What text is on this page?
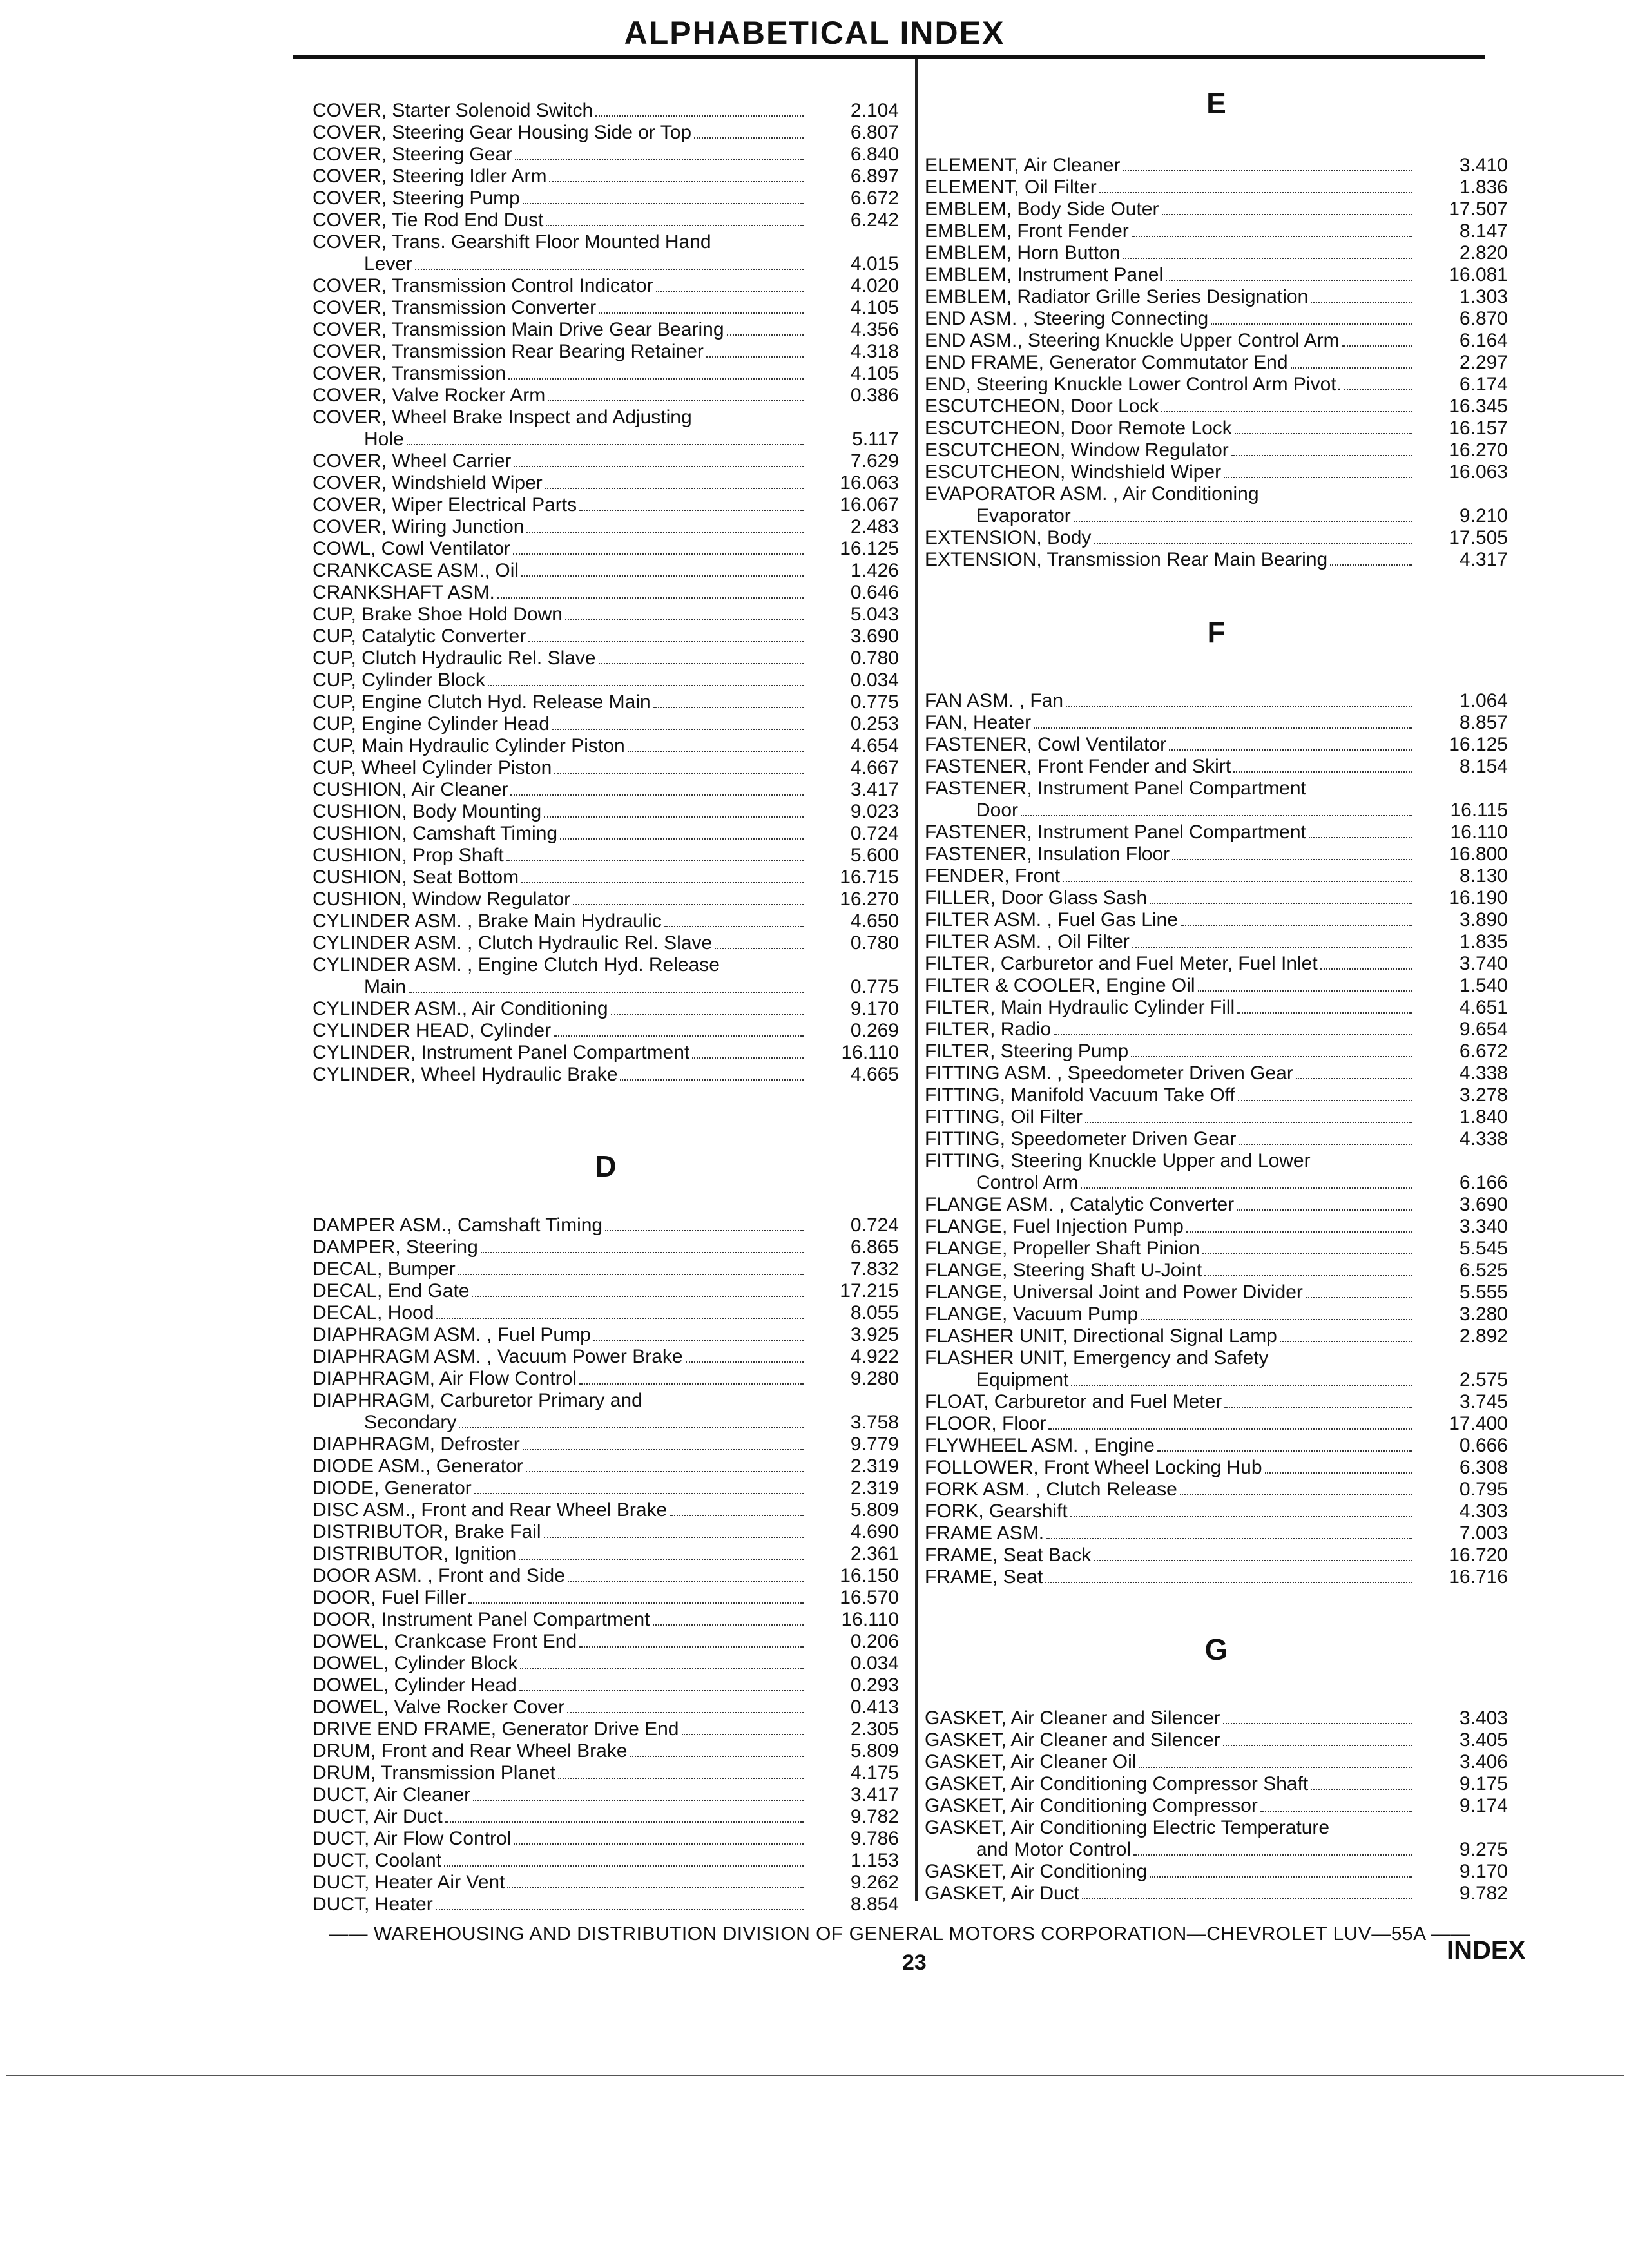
ALPHABETICAL INDEX
COVER, Starter Solenoid Switch	2.104
COVER, Steering Gear Housing Side or Top	6.807
COVER, Steering Gear	6.840
COVER, Steering Idler Arm	6.897
COVER, Steering Pump	6.672
COVER, Tie Rod End Dust	6.242
COVER, Trans. Gearshift Floor Mounted Hand
Lever	4.015
COVER, Transmission Control Indicator	4.020
COVER, Transmission Converter	4.105
COVER, Transmission Main Drive Gear Bearing	4.356
COVER, Transmission Rear Bearing Retainer	4.318
COVER, Transmission	4.105
COVER, Valve Rocker Arm	0.386
COVER, Wheel Brake Inspect and Adjusting
Hole	5.117
COVER, Wheel Carrier	7.629
COVER, Windshield Wiper	16.063
COVER, Wiper Electrical Parts	16.067
COVER, Wiring Junction	2.483
COWL, Cowl Ventilator	16.125
CRANKCASE ASM., Oil	1.426
CRANKSHAFT ASM.	0.646
CUP, Brake Shoe Hold Down	5.043
CUP, Catalytic Converter	3.690
CUP, Clutch Hydraulic Rel. Slave	0.780
CUP, Cylinder Block	0.034
CUP, Engine Clutch Hyd. Release Main	0.775
CUP, Engine Cylinder Head	0.253
CUP, Main Hydraulic Cylinder Piston	4.654
CUP, Wheel Cylinder Piston	4.667
CUSHION, Air Cleaner	3.417
CUSHION, Body Mounting	9.023
CUSHION, Camshaft Timing	0.724
CUSHION, Prop Shaft	5.600
CUSHION, Seat Bottom	16.715
CUSHION, Window Regulator	16.270
CYLINDER ASM. , Brake Main Hydraulic	4.650
CYLINDER ASM. , Clutch Hydraulic Rel. Slave	0.780
CYLINDER ASM. , Engine Clutch Hyd. Release
Main	0.775
CYLINDER ASM., Air Conditioning	9.170
CYLINDER HEAD, Cylinder	0.269
CYLINDER, Instrument Panel Compartment	16.110
CYLINDER, Wheel Hydraulic Brake	4.665
D
DAMPER ASM., Camshaft Timing	0.724
DAMPER, Steering	6.865
DECAL, Bumper	7.832
DECAL, End Gate	17.215
DECAL, Hood	8.055
DIAPHRAGM ASM. , Fuel Pump	3.925
DIAPHRAGM ASM. , Vacuum Power Brake	4.922
DIAPHRAGM, Air Flow Control	9.280
DIAPHRAGM, Carburetor Primary and
Secondary	3.758
DIAPHRAGM, Defroster	9.779
DIODE ASM., Generator	2.319
DIODE, Generator	2.319
DISC ASM., Front and Rear Wheel Brake	5.809
DISTRIBUTOR, Brake Fail	4.690
DISTRIBUTOR, Ignition	2.361
DOOR ASM. , Front and Side	16.150
DOOR, Fuel Filler	16.570
DOOR, Instrument Panel Compartment	16.110
DOWEL, Crankcase Front End	0.206
DOWEL, Cylinder Block	0.034
DOWEL, Cylinder Head	0.293
DOWEL, Valve Rocker Cover	0.413
DRIVE END FRAME, Generator Drive End	2.305
DRUM, Front and Rear Wheel Brake	5.809
DRUM, Transmission Planet	4.175
DUCT, Air Cleaner	3.417
DUCT, Air Duct	9.782
DUCT, Air Flow Control	9.786
DUCT, Coolant	1.153
DUCT, Heater Air Vent	9.262
DUCT, Heater	8.854
E
ELEMENT, Air Cleaner	3.410
ELEMENT, Oil Filter	1.836
EMBLEM, Body Side Outer	17.507
EMBLEM, Front Fender	8.147
EMBLEM, Horn Button	2.820
EMBLEM, Instrument Panel	16.081
EMBLEM, Radiator Grille Series Designation	1.303
END ASM. , Steering Connecting	6.870
END ASM., Steering Knuckle Upper Control Arm	6.164
END FRAME, Generator Commutator End	2.297
END, Steering Knuckle Lower Control Arm Pivot.	6.174
ESCUTCHEON, Door Lock	16.345
ESCUTCHEON, Door Remote Lock	16.157
ESCUTCHEON, Window Regulator	16.270
ESCUTCHEON, Windshield Wiper	16.063
EVAPORATOR ASM. , Air Conditioning
Evaporator	9.210
EXTENSION, Body	17.505
EXTENSION, Transmission Rear Main Bearing	4.317
F
FAN ASM. , Fan	1.064
FAN, Heater	8.857
FASTENER, Cowl Ventilator	16.125
FASTENER, Front Fender and Skirt	8.154
FASTENER, Instrument Panel Compartment
Door	16.115
FASTENER, Instrument Panel Compartment	16.110
FASTENER, Insulation Floor	16.800
FENDER, Front	8.130
FILLER, Door Glass Sash	16.190
FILTER ASM. , Fuel Gas Line	3.890
FILTER ASM. , Oil Filter	1.835
FILTER, Carburetor and Fuel Meter, Fuel Inlet	3.740
FILTER & COOLER, Engine Oil	1.540
FILTER, Main Hydraulic Cylinder Fill	4.651
FILTER, Radio	9.654
FILTER, Steering Pump	6.672
FITTING ASM. , Speedometer Driven Gear	4.338
FITTING, Manifold Vacuum Take Off	3.278
FITTING, Oil Filter	1.840
FITTING, Speedometer Driven Gear	4.338
FITTING, Steering Knuckle Upper and Lower
Control Arm	6.166
FLANGE ASM. , Catalytic Converter	3.690
FLANGE, Fuel Injection Pump	3.340
FLANGE, Propeller Shaft Pinion	5.545
FLANGE, Steering Shaft U-Joint	6.525
FLANGE, Universal Joint and Power Divider	5.555
FLANGE, Vacuum Pump	3.280
FLASHER UNIT, Directional Signal Lamp	2.892
FLASHER UNIT, Emergency and Safety
Equipment	2.575
FLOAT, Carburetor and Fuel Meter	3.745
FLOOR, Floor	17.400
FLYWHEEL ASM. , Engine	0.666
FOLLOWER, Front Wheel Locking Hub	6.308
FORK ASM. , Clutch Release	0.795
FORK, Gearshift	4.303
FRAME ASM.	7.003
FRAME, Seat Back	16.720
FRAME, Seat	16.716
G
GASKET, Air Cleaner and Silencer	3.403
GASKET, Air Cleaner and Silencer	3.405
GASKET, Air Cleaner Oil	3.406
GASKET, Air Conditioning Compressor Shaft	9.175
GASKET, Air Conditioning Compressor	9.174
GASKET, Air Conditioning Electric Temperature
and Motor Control	9.275
GASKET, Air Conditioning	9.170
GASKET, Air Duct	9.782
—— WAREHOUSING AND DISTRIBUTION DIVISION OF GENERAL MOTORS CORPORATION—CHEVROLET LUV—55A ——
INDEX
23
